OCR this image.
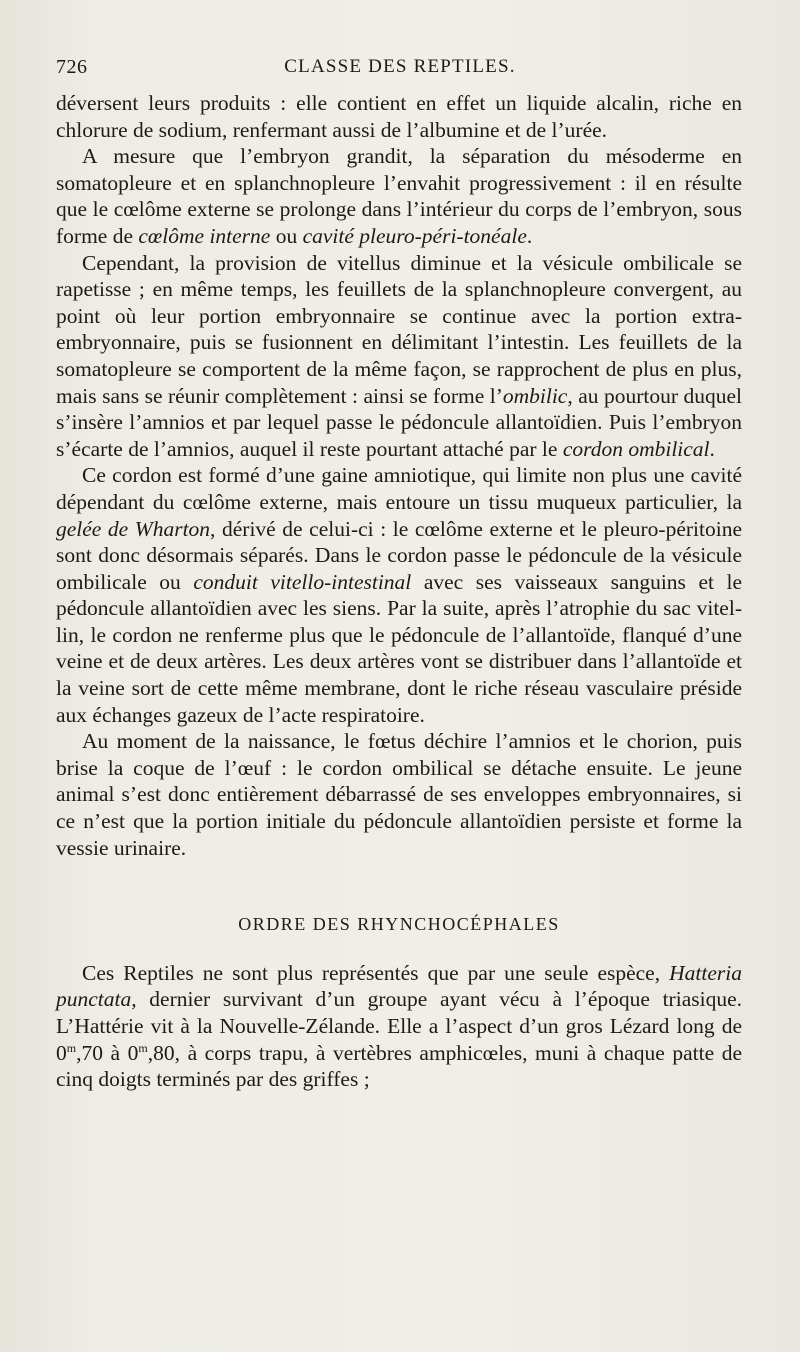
726	CLASSE DES REPTILES.

déversent leurs produits : elle contient en effet un liquide alcalin, riche en chlorure de sodium, renfermant aussi de l’albumine et de l’urée.

A mesure que l’embryon grandit, la séparation du mésoderme en somatopleure et en splanchnopleure l’envahit progressivement : il en résulte que le cœlôme externe se prolonge dans l’intérieur du corps de l’embryon, sous forme de cœlôme interne ou cavité pleuro-péri-tonéale.

Cependant, la provision de vitellus diminue et la vésicule ombilicale se rapetisse ; en même temps, les feuillets de la splanchnopleure convergent, au point où leur portion embryonnaire se continue avec la portion extra-embryonnaire, puis se fusionnent en délimitant l’intestin. Les feuillets de la somatopleure se comportent de la même façon, se rapprochent de plus en plus, mais sans se réunir complètement : ainsi se forme l’ombilic, au pourtour duquel s’insère l’amnios et par lequel passe le pédoncule allantoïdien. Puis l’embryon s’écarte de l’amnios, auquel il reste pourtant attaché par le cordon ombilical.

Ce cordon est formé d’une gaine amniotique, qui limite non plus une cavité dépendant du cœlôme externe, mais entoure un tissu muqueux particulier, la gelée de Wharton, dérivé de celui-ci : le cœlôme externe et le pleuro-péritoine sont donc désormais séparés. Dans le cordon passe le pédoncule de la vésicule ombilicale ou conduit vitello-intestinal avec ses vaisseaux sanguins et le pédoncule allantoïdien avec les siens. Par la suite, après l’atrophie du sac vitellin, le cordon ne renferme plus que le pédoncule de l’allantoïde, flanqué d’une veine et de deux artères. Les deux artères vont se distribuer dans l’allantoïde et la veine sort de cette même membrane, dont le riche réseau vasculaire préside aux échanges gazeux de l’acte respiratoire.

Au moment de la naissance, le fœtus déchire l’amnios et le chorion, puis brise la coque de l’œuf : le cordon ombilical se détache ensuite. Le jeune animal s’est donc entièrement débarrassé de ses enveloppes embryonnaires, si ce n’est que la portion initiale du pédoncule allantoïdien persiste et forme la vessie urinaire.

ORDRE DES RHYNCHOCÉPHALES

Ces Reptiles ne sont plus représentés que par une seule espèce, Hatteria punctata, dernier survivant d’un groupe ayant vécu à l’époque triasique. L’Hattérie vit à la Nouvelle-Zélande. Elle a l’aspect d’un gros Lézard long de 0$^m$,70 à 0$^m$,80, à corps trapu, à vertèbres amphicœles, muni à chaque patte de cinq doigts terminés par des griffes ;
